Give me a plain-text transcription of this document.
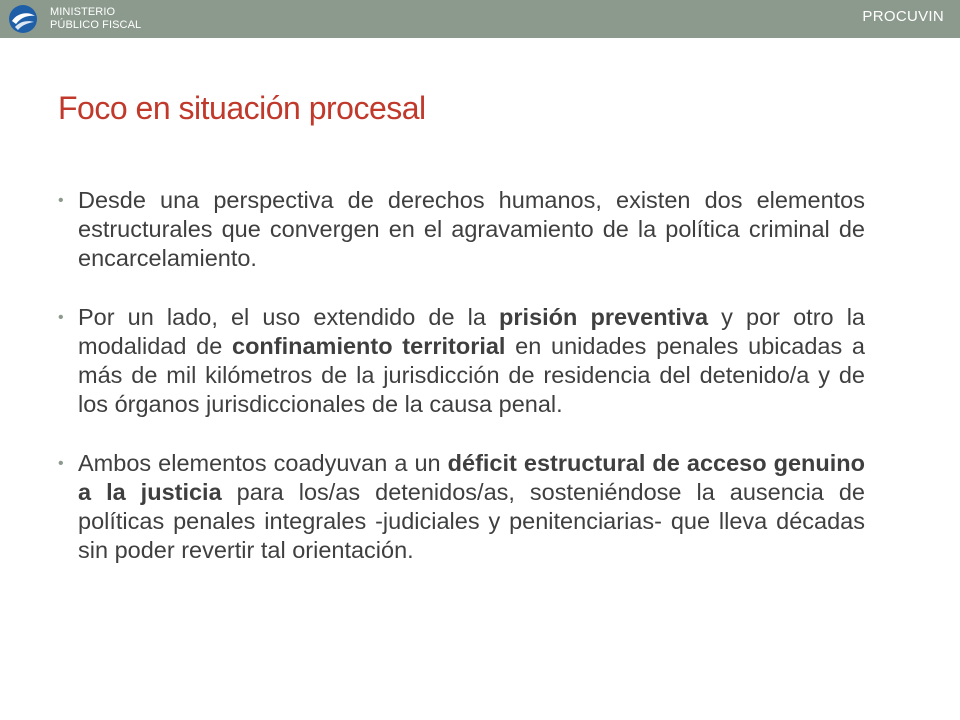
MINISTERIO
PÚBLICO FISCAL	PROCUVIN
Foco en situación procesal
• Desde una perspectiva de derechos humanos, existen dos elementos estructurales que convergen en el agravamiento de la política criminal de encarcelamiento.
• Por un lado, el uso extendido de la prisión preventiva y por otro la modalidad de confinamiento territorial en unidades penales ubicadas a más de mil kilómetros de la jurisdicción de residencia del detenido/a y de los órganos jurisdiccionales de la causa penal.
• Ambos elementos coadyuvan a un déficit estructural de acceso genuino a la justicia para los/as detenidos/as, sosteniéndose la ausencia de políticas penales integrales -judiciales y penitenciarias- que lleva décadas sin poder revertir tal orientación.
